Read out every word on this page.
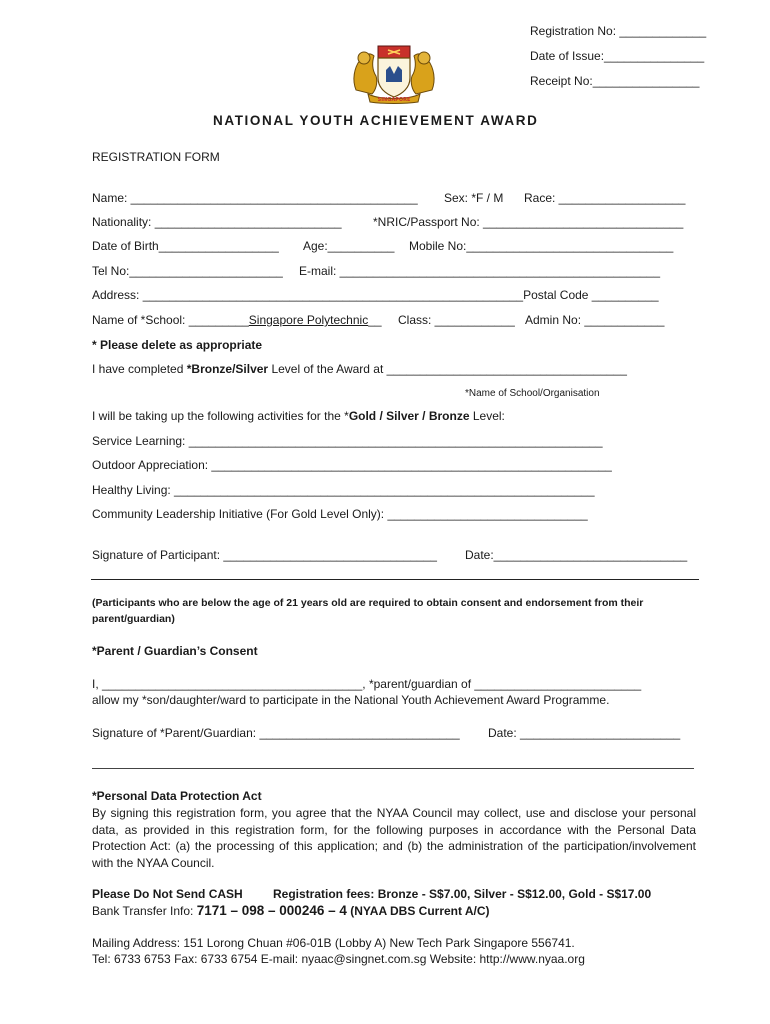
Registration No: _____________
Date of Issue:_______________
Receipt No:________________
SINGAPORE
NATIONAL YOUTH ACHIEVEMENT AWARD
REGISTRATION FORM
Name: ___________________________________________ Sex: *F / M Race: ___________________
Nationality: ____________________________	*NRIC/Passport No: ______________________________
Date of Birth__________________ Age:__________ Mobile No:_______________________________
Tel No:_______________________ E-mail: ________________________________________________
Address: _________________________________________________________Postal Code __________
Name of *School: _________Singapore Polytechnic__ Class: ____________ Admin No: ____________
* Please delete as appropriate
I have completed *Bronze/Silver Level of the Award at ____________________________________
*Name of School/Organisation
I will be taking up the following activities for the *Gold / Silver / Bronze Level:
Service Learning: ______________________________________________________________
Outdoor Appreciation: ____________________________________________________________
Healthy Living: _______________________________________________________________
Community Leadership Initiative (For Gold Level Only): ______________________________
Signature of Participant: ________________________________ Date:_____________________________
(Participants who are below the age of 21 years old are required to obtain consent and endorsement from their parent/guardian)
*Parent / Guardian’s Consent
I, _______________________________________, *parent/guardian of _________________________
allow my *son/daughter/ward to participate in the National Youth Achievement Award Programme.
Signature of *Parent/Guardian: ______________________________ Date: ________________________
*Personal Data Protection Act
By signing this registration form, you agree that the NYAA Council may collect, use and disclose your personal data, as provided in this registration form, for the following purposes in accordance with the Personal Data Protection Act: (a) the processing of this application; and (b) the administration of the participation/involvement with the NYAA Council.
Please Do Not Send CASH	Registration fees: Bronze - S$7.00, Silver - S$12.00, Gold - S$17.00
Bank Transfer Info: 7171 – 098 – 000246 – 4 (NYAA DBS Current A/C)
Mailing Address: 151 Lorong Chuan #06-01B (Lobby A) New Tech Park Singapore 556741.
Tel: 6733 6753 Fax: 6733 6754 E-mail: nyaac@singnet.com.sg Website: http://www.nyaa.org
